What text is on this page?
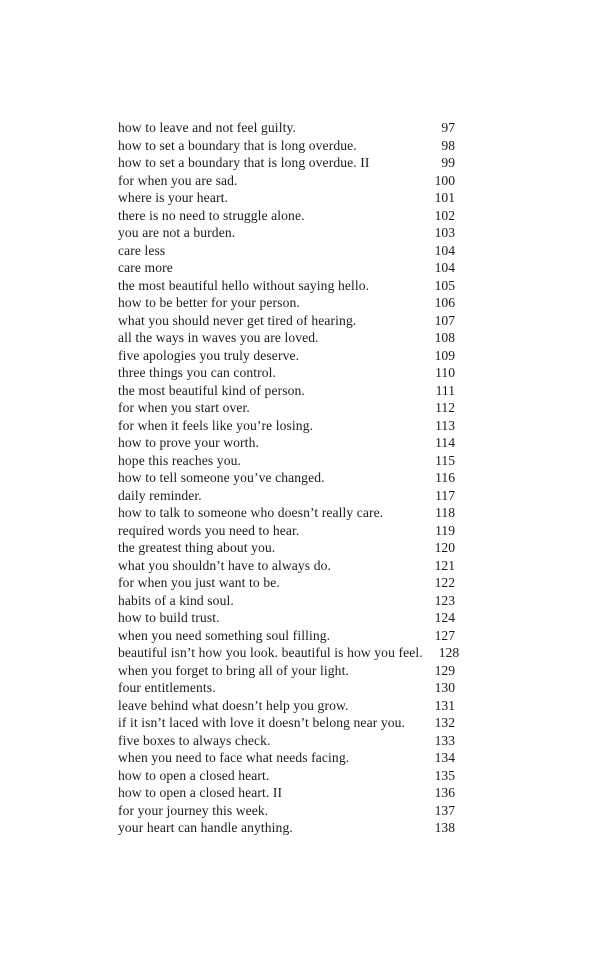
how to leave and not feel guilty.	97
how to set a boundary that is long overdue.	98
how to set a boundary that is long overdue. II	99
for when you are sad.	100
where is your heart.	101
there is no need to struggle alone.	102
you are not a burden.	103
care less	104
care more	104
the most beautiful hello without saying hello.	105
how to be better for your person.	106
what you should never get tired of hearing.	107
all the ways in waves you are loved.	108
five apologies you truly deserve.	109
three things you can control.	110
the most beautiful kind of person.	111
for when you start over.	112
for when it feels like you’re losing.	113
how to prove your worth.	114
hope this reaches you.	115
how to tell someone you’ve changed.	116
daily reminder.	117
how to talk to someone who doesn’t really care.	118
required words you need to hear.	119
the greatest thing about you.	120
what you shouldn’t have to always do.	121
for when you just want to be.	122
habits of a kind soul.	123
how to build trust.	124
when you need something soul filling.	127
beautiful isn’t how you look. beautiful is how you feel. 128
when you forget to bring all of your light.	129
four entitlements.	130
leave behind what doesn’t help you grow.	131
if it isn’t laced with love it doesn’t belong near you. 132
five boxes to always check.	133
when you need to face what needs facing.	134
how to open a closed heart.	135
how to open a closed heart. II	136
for your journey this week.	137
your heart can handle anything.	138
